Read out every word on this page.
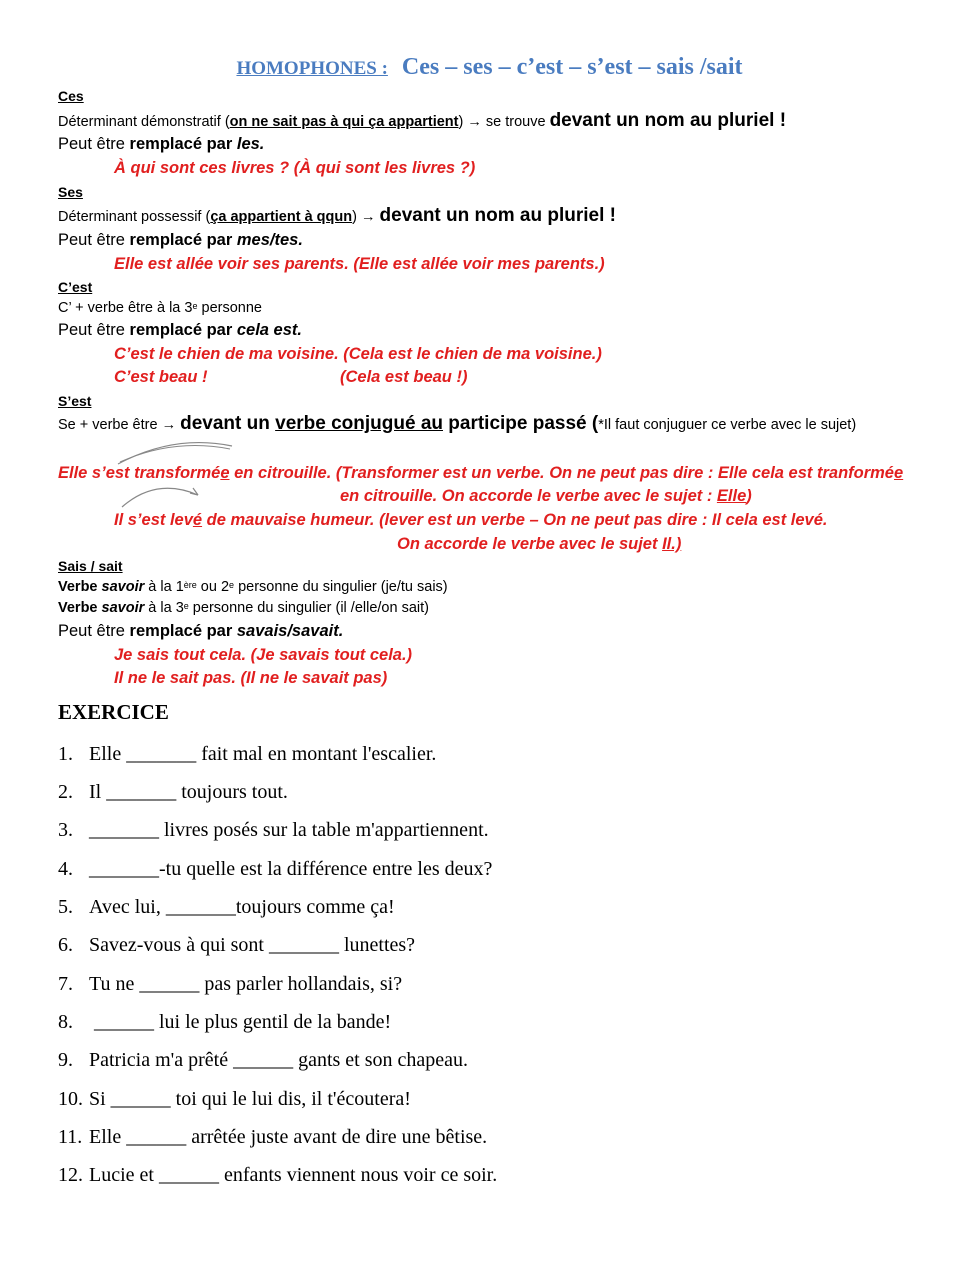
HOMOPHONES : Ces – ses – c’est – s’est – sais /sait
Ces
Déterminant démonstratif (on ne sait pas à qui ça appartient) → se trouve devant un nom au pluriel !
Peut être remplacé par les.
À qui sont ces livres ? (À qui sont les livres ?)
Ses
Déterminant possessif (ça appartient à qqun) → devant un nom au pluriel !
Peut être remplacé par mes/tes.
Elle est allée voir ses parents. (Elle est allée voir mes parents.)
C’est
C’ + verbe être à la 3e personne
Peut être remplacé par cela est.
C’est le chien de ma voisine. (Cela est le chien de ma voisine.)
C’est beau !	(Cela est beau !)
S’est
Se + verbe être → devant un verbe conjugué au participe passé (*Il faut conjuguer ce verbe avec le sujet)
Elle s’est transformée en citrouille. (Transformer est un verbe. On ne peut pas dire : Elle cela est tranformée
en citrouille. On accorde le verbe avec le sujet : Elle)
Il s’est levé de mauvaise humeur. (lever est un verbe – On ne peut pas dire : Il cela est levé.
On accorde le verbe avec le sujet Il.)
Sais / sait
Verbe savoir à la 1ère ou 2e personne du singulier (je/tu sais)
Verbe savoir à la 3e personne du singulier (il /elle/on sait)
Peut être remplacé par savais/savait.
Je sais tout cela. (Je savais tout cela.)
Il ne le sait pas. (Il ne le savait pas)
EXERCICE
1. Elle _______ fait mal en montant l'escalier.
2. Il _______ toujours tout.
3. _______ livres posés sur la table m'appartiennent.
4. _______-tu quelle est la différence entre les deux?
5. Avec lui, _______toujours comme ça!
6. Savez-vous à qui sont _______ lunettes?
7. Tu ne ______ pas parler hollandais, si?
8. ______ lui le plus gentil de la bande!
9. Patricia m'a prêté ______ gants et son chapeau.
10. Si ______ toi qui le lui dis, il t'écoutera!
11. Elle ______ arrêtée juste avant de dire une bêtise.
12. Lucie et ______ enfants viennent nous voir ce soir.
